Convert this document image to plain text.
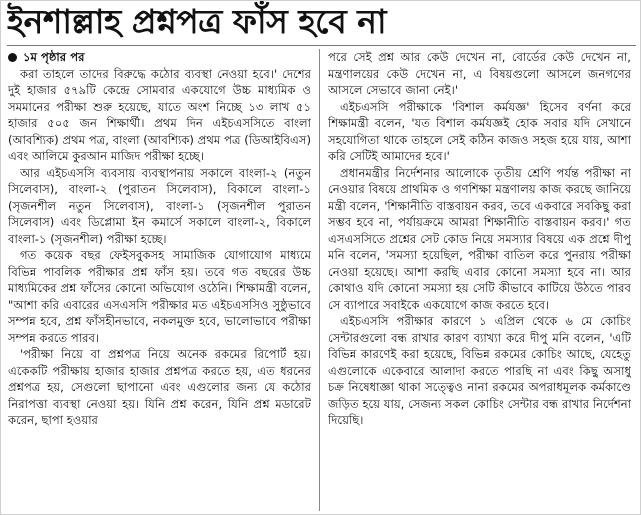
ইনশাল্লাহ প্রশ্নপত্র ফাঁস হবে না
১ম পৃষ্ঠার পর

করা তাহলে তাদের বিরুদ্ধে কঠোর ব্যবস্থা নেওয়া হবে।' দেশের দুই হাজার ৫৭৯টি কেন্দ্রে সোমবার একযোগে উচ্চ মাধ্যমিক ও সমমানের পরীক্ষা শুরু হয়েছে, যাতে অংশ নিচ্ছে ১৩ লাখ ৫১ হাজার ৫০৫ জন শিক্ষার্থী। প্রথম দিন এইচএসসিতে বাংলা (আবশ্যিক) প্রথম পত্র, বাংলা (আবশ্যিক) প্রথম পত্র (ডিআইবিএস) এবং আলিমে কুরআন মাজিদ পরীক্ষা হচ্ছে।

আর এইচএসসি ব্যবসায় ব্যবস্থাপনায় সকালে বাংলা-২ (নতুন সিলেবাস), বাংলা-২ (পুরাতন সিলেবাস), বিকালে বাংলা-১ (সৃজনশীল নতুন সিলেবাস), বাংলা-১ (সৃজনশীল পুরাতন সিলেবাস) এবং ডিপ্লোমা ইন কমার্সে সকালে বাংলা-২, বিকালে বাংলা-১ (সৃজনশীল) পরীক্ষা হচ্ছে।

গত কয়েক বছর ফেইসবুকসহ সামাজিক যোগাযোগ মাধ্যমে বিভিন্ন পাবলিক পরীক্ষার প্রশ্ন ফাঁস হয়। তবে গত বছরের উচ্চ মাধ্যমিকের প্রশ্ন ফাঁসের কোনো অভিযোগ ওঠেনি। শিক্ষামন্ত্রী বলেন, "আশা করি এবারের এসএসসি পরীক্ষার মত এইচএসসিও সুষ্ঠুভাবে সম্পন্ন হবে, প্রশ্ন ফাঁসহীনভাবে, নকলমুক্ত হবে, ভালোভাবে পরীক্ষা সম্পন্ন করতে পারব।

'পরীক্ষা নিয়ে বা প্রশ্নপত্র নিয়ে অনেক রকমের রিপোর্ট হয়। একেকটি পরীক্ষায় হাজার হাজার প্রশ্নপত্র করতে হয়, এত ধরনের প্রশ্নপত্র হয়, সেগুলো ছাপানো এবং এগুলোর জন্য যে কঠোর নিরাপত্তা ব্যবস্থা নেওয়া হয়। যিনি প্রশ্ন করেন, যিনি প্রশ্ন মডারেট করেন, ছাপা হওয়ার

পরে সেই প্রশ্ন আর কেউ দেখেন না, বোর্ডের কেউ দেখেন না, মন্ত্রণালয়ের কেউ দেখেন না, এ বিষয়গুলো আসলে জনগণের আসলে সেভাবে জানা নেই।'

এইচএসসি পরীক্ষাকে 'বিশাল কর্মযজ্ঞ' হিসেব বর্ণনা করে শিক্ষামন্ত্রী বলেন, 'যত বিশাল কর্মযজ্ঞই হোক সবার যদি সেখানে সহযোগিতা থাকে তাহলে সেই কঠিন কাজও সহজ হয়ে যায়, আশা করি সেটিই আমাদের হবে।'

প্রধানমন্ত্রীর নির্দেশনার আলোকে তৃতীয় শ্রেণি পর্যন্ত পরীক্ষা না নেওয়ার বিষয়ে প্রাথমিক ও গণশিক্ষা মন্ত্রণালয় কাজ করছে জানিয়ে মন্ত্রী বলেন, 'শিক্ষানীতি বাস্তবায়ন করব, তবে একবারে সবকিছু করা সম্ভব হবে না, পর্যায়ক্রমে আমরা শিক্ষানীতি বাস্তবায়ন করব।' গত এসএসসিতে প্রশ্নের সেট কোড নিয়ে সমস্যার বিষয়ে এক প্রশ্নে দীপু মনি বলেন, 'সমস্যা হয়েছিল, পরীক্ষা বাতিল করে পুনরায় পরীক্ষা নেওয়া হয়েছে। আশা করছি এবার কোনো সমস্যা হবে না। আর কোথাও যদি কোনো সমস্যা হয় সেটি কীভাবে কাটিয়ে উঠতে পারব সে ব্যাপারে সবাইকে একযোগে কাজ করতে হবে।

এইচএসসি পরীক্ষার কারণে ১ এপ্রিল থেকে ৬ মে কোচিং সেন্টারগুলো বন্ধ রাখার কারণ ব্যাখ্যা করে দীপু মনি বলেন, 'এটি বিভিন্ন কারণেই করা হয়েছে, বিভিন্ন রকমের কোচিং আছে, যেহেতু এগুলোকে একেবারে আলাদা করতে পারছি না এবং কিছু অসাধু চক্র নিষেধাজ্ঞা থাকা সত্ত্বেও নানা রকমের অপরাধমূলক কর্মকাণ্ডে জড়িত হয়ে যায়, সেজন্য সকল কোচিং সেন্টার বন্ধ রাখার নির্দেশনা দিয়েছি।
